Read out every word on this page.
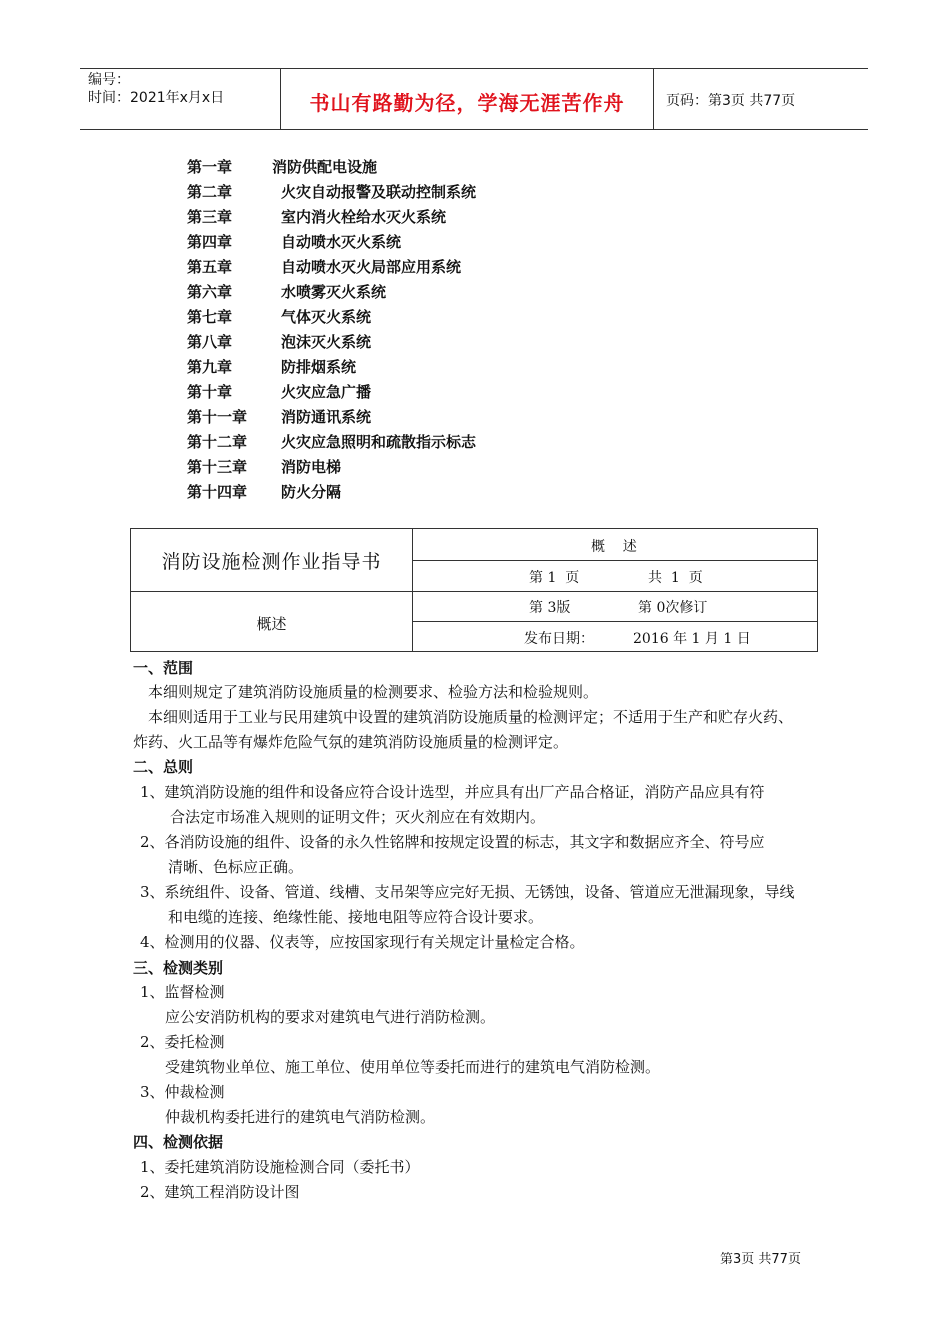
编号：
时间：2021年x月x日	书山有路勤为径，学海无涯苦作舟	页码：第3页 共77页
第一章	消防供配电设施
第二章	火灾自动报警及联动控制系统
第三章	室内消火栓给水灭火系统
第四章	自动喷水灭火系统
第五章	自动喷水灭火局部应用系统
第六章	水喷雾灭火系统
第七章	气体灭火系统
第八章	泡沫灭火系统
第九章	防排烟系统
第十章	火灾应急广播
第十一章 消防通讯系统
第十二章 火灾应急照明和疏散指示标志
第十三章 消防电梯
第十四章 防火分隔
消防设施检测作业指导书
概述
概    述
第 1  页	共  1  页
第 3版	第 0次修订
发布日期：	2016 年 1 月 1 日
一、范围
本细则规定了建筑消防设施质量的检测要求、检验方法和检验规则。
本细则适用于工业与民用建筑中设置的建筑消防设施质量的检测评定；不适用于生产和贮存火药、
炸药、火工品等有爆炸危险气氛的建筑消防设施质量的检测评定。
二、总则
1、建筑消防设施的组件和设备应符合设计选型，并应具有出厂产品合格证，消防产品应具有符
合法定市场准入规则的证明文件；灭火剂应在有效期内。
2、各消防设施的组件、设备的永久性铭牌和按规定设置的标志，其文字和数据应齐全、符号应
清晰、色标应正确。
3、系统组件、设备、管道、线槽、支吊架等应完好无损、无锈蚀，设备、管道应无泄漏现象，导线
和电缆的连接、绝缘性能、接地电阻等应符合设计要求。
4、检测用的仪器、仪表等，应按国家现行有关规定计量检定合格。
三、检测类别
1、监督检测
应公安消防机构的要求对建筑电气进行消防检测。
2、委托检测
受建筑物业单位、施工单位、使用单位等委托而进行的建筑电气消防检测。
3、仲裁检测
仲裁机构委托进行的建筑电气消防检测。
四、检测依据
1、委托建筑消防设施检测合同（委托书）
2、建筑工程消防设计图
第3页 共77页
